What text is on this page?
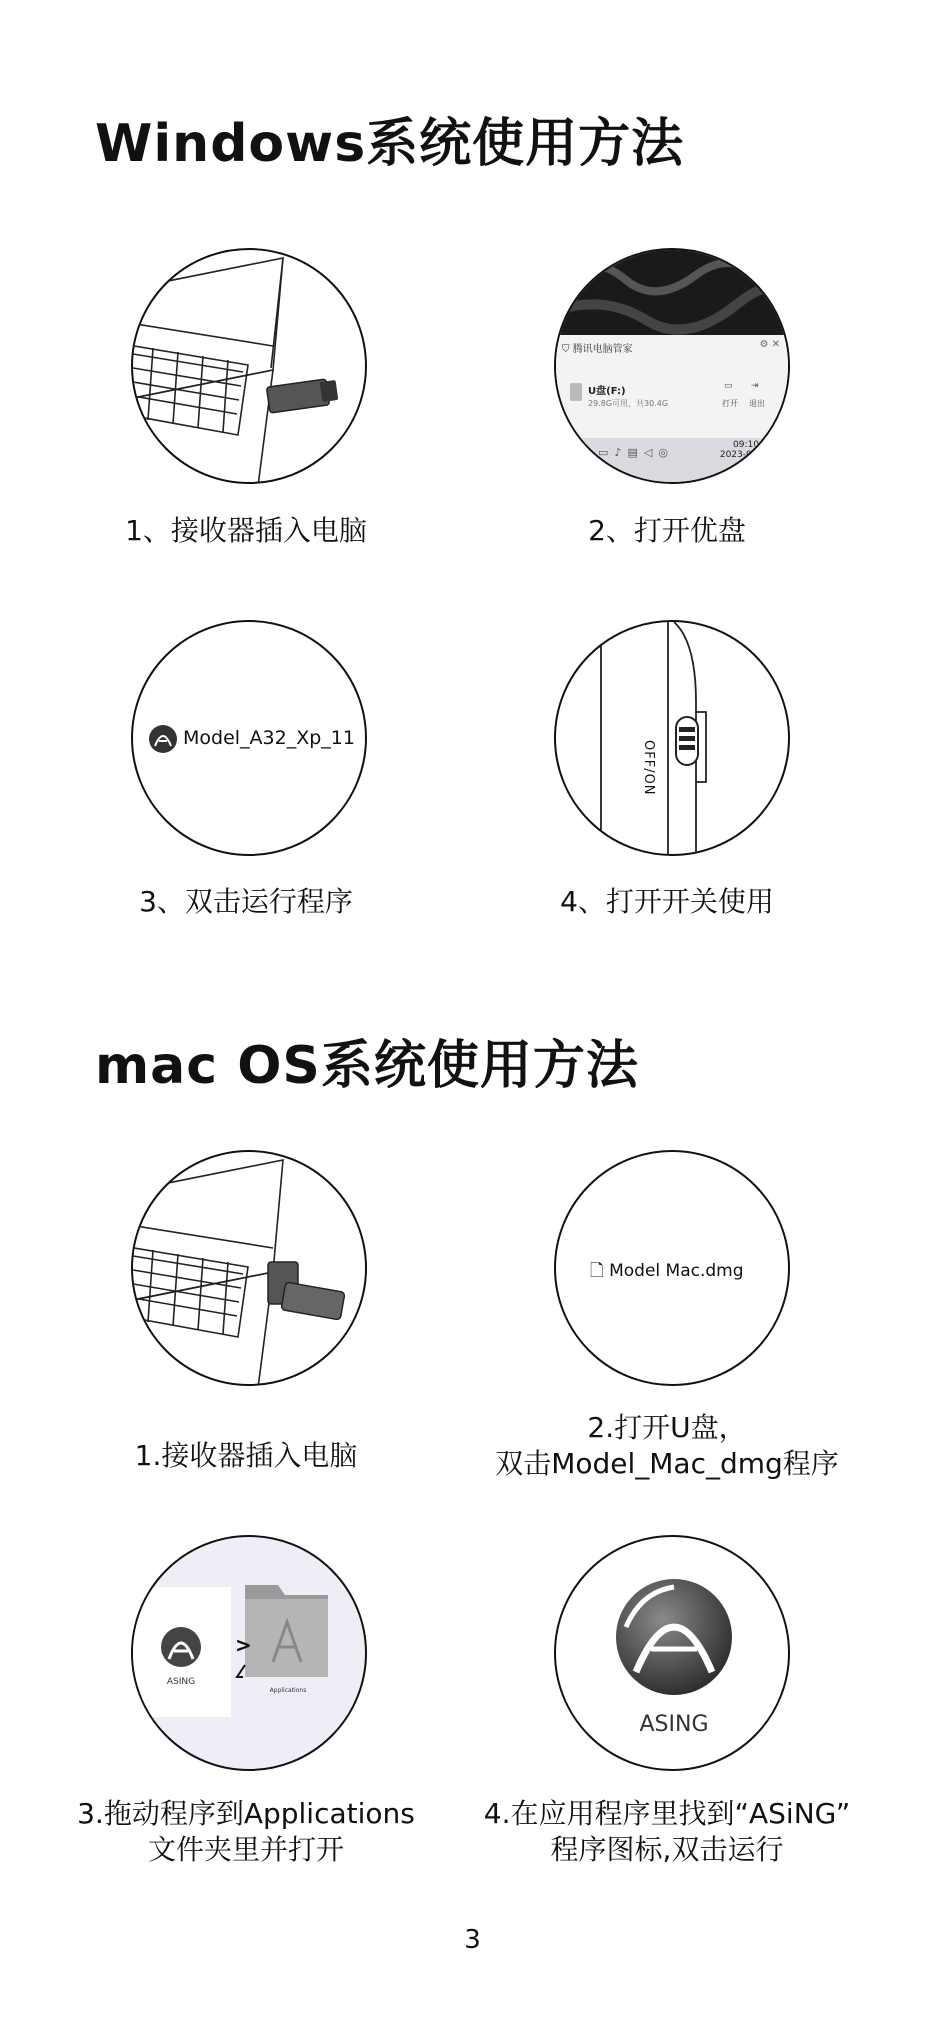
Windows系统使用方法
1、接收器插入电脑
⛉ 腾讯电脑管家	⚙ ✕
U盘(F:)
29.8G可用，共30.4G
▭ ⇥
打开 退出
▮▭♪▤◁◎
09:10
2023-03-24
2、打开优盘
Model_A32_Xp_11
3、双击运行程序
OFF/ON
4、打开开关使用
mac OS系统使用方法
1.接收器插入电脑
🗋 Model Mac.dmg
2.打开U盘，
双击Model_Mac_dmg程序
ASING
>
Applications
3.拖动程序到Applications
文件夹里并打开
ASING
4.在应用程序里找到“ASiNG”
程序图标,双击运行
3
